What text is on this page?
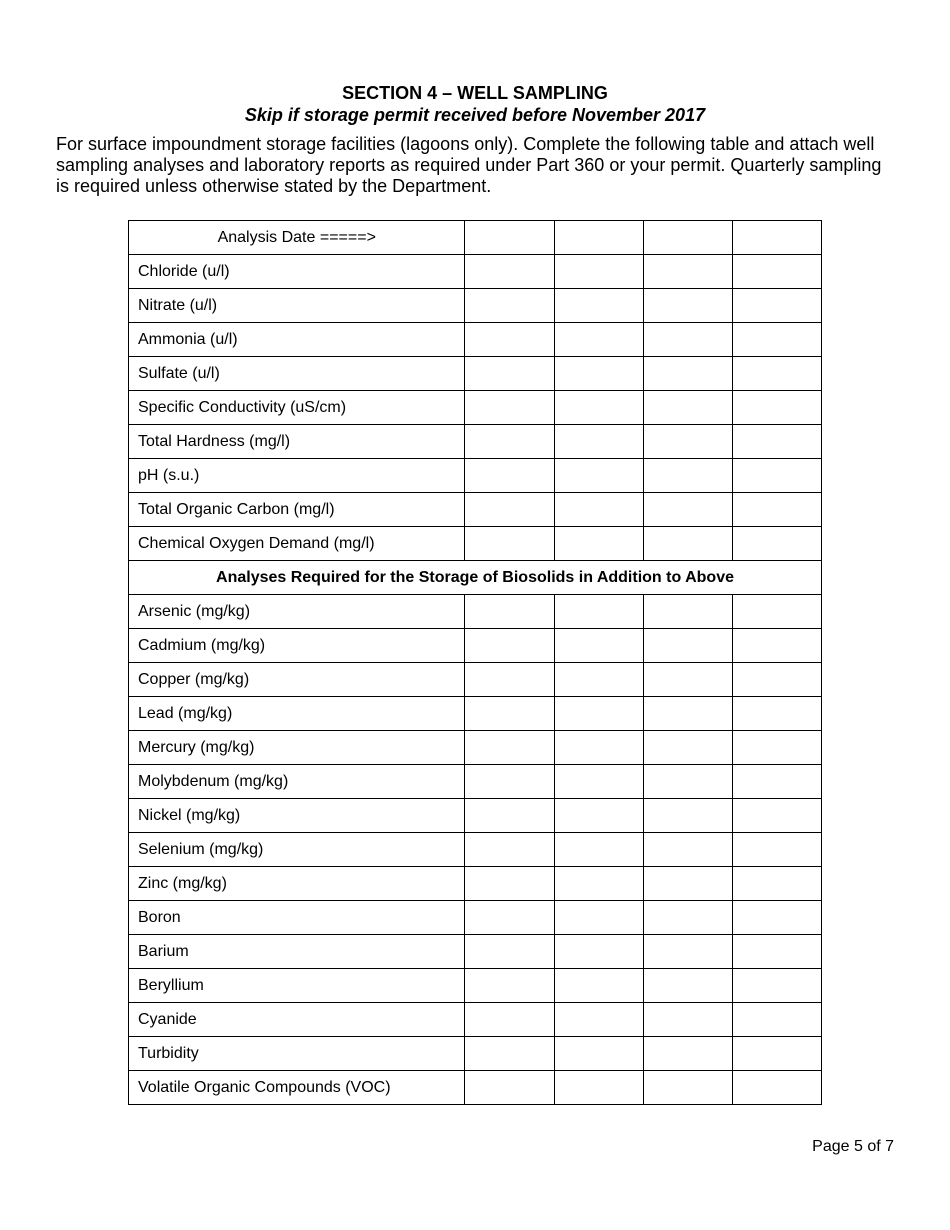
SECTION 4 – WELL SAMPLING
Skip if storage permit received before November 2017

For surface impoundment storage facilities (lagoons only). Complete the following table and attach well sampling analyses and laboratory reports as required under Part 360 or your permit. Quarterly sampling is required unless otherwise stated by the Department.

Analysis Date =====>				
Chloride (u/l)				
Nitrate (u/l)				
Ammonia (u/l)				
Sulfate (u/l)				
Specific Conductivity (uS/cm)				
Total Hardness (mg/l)				
pH (s.u.)				
Total Organic Carbon (mg/l)				
Chemical Oxygen Demand (mg/l)				
Analyses Required for the Storage of Biosolids in Addition to Above				
Arsenic (mg/kg)				
Cadmium (mg/kg)				
Copper (mg/kg)				
Lead (mg/kg)				
Mercury (mg/kg)				
Molybdenum (mg/kg)				
Nickel (mg/kg)				
Selenium (mg/kg)				
Zinc (mg/kg)				
Boron				
Barium				
Beryllium				
Cyanide				
Turbidity				
Volatile Organic Compounds (VOC)				
Page 5 of 7
